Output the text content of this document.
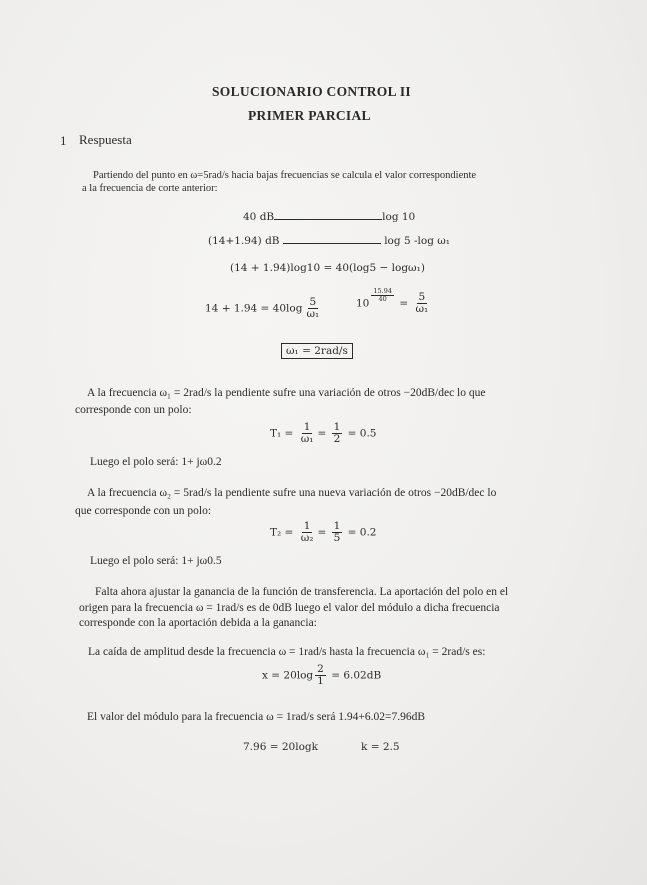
SOLUCIONARIO CONTROL II
PRIMER PARCIAL
1 Respuesta
Partiendo del punto en ω=5rad/s hacia bajas frecuencias se calcula el valor correspondiente
a la frecuencia de corte anterior:
40 dB	log 10
(14+1.94) dB	log 5 -log ω₁
(14 + 1.94)log10 = 40(log5 − logω₁)
$14 + 1.94 = 40\log \frac{5}{\text{ω₁}}$	10
$\frac{15.94}{40}$
= $\frac{5}{\text{ω₁}}$
ω₁ = 2rad/s
A la frecuencia ω₁ = 2rad/s la pendiente sufre una variación de otros −20dB/dec lo que
corresponde con un polo:
$T_1 = \frac{1}{\text{ω₁}} = \frac{1}{2} = 0.5$
Luego el polo será: 1+ jω0.2
A la frecuencia ω₂ = 5rad/s la pendiente sufre una nueva variación de otros −20dB/dec lo
que corresponde con un polo:
$T_2 = \frac{1}{\text{ω₂}} = \frac{1}{5} = 0.2$
Luego el polo será: 1+ jω0.5
Falta ahora ajustar la ganancia de la función de transferencia. La aportación del polo en el
origen para la frecuencia ω = 1rad/s es de 0dB luego el valor del módulo a dicha frecuencia
corresponde con la aportación debida a la ganancia:
La caída de amplitud desde la frecuencia ω = 1rad/s hasta la frecuencia ω₁ = 2rad/s es:
$x = 20\log \frac{2}{1} = 6.02dB$
El valor del módulo para la frecuencia ω = 1rad/s será 1.94+6.02=7.96dB
7.96 = 20logk	k = 2.5
